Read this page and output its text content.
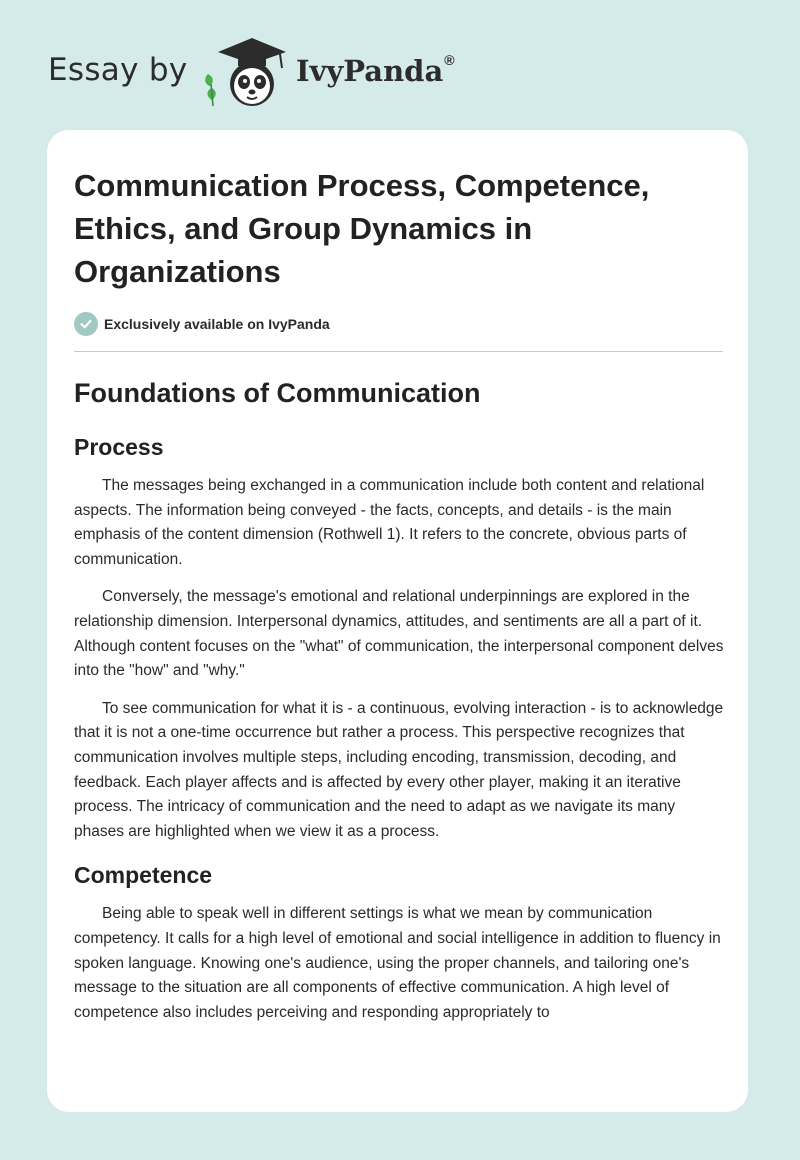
Essay by	IvyPanda®
Communication Process, Competence, Ethics, and Group Dynamics in Organizations
Exclusively available on IvyPanda
Foundations of Communication
Process

The messages being exchanged in a communication include both content and relational aspects. The information being conveyed - the facts, concepts, and details - is the main emphasis of the content dimension (Rothwell 1). It refers to the concrete, obvious parts of communication.

Conversely, the message's emotional and relational underpinnings are explored in the relationship dimension. Interpersonal dynamics, attitudes, and sentiments are all a part of it. Although content focuses on the "what" of communication, the interpersonal component delves into the "how" and "why."

To see communication for what it is - a continuous, evolving interaction - is to acknowledge that it is not a one-time occurrence but rather a process. This perspective recognizes that communication involves multiple steps, including encoding, transmission, decoding, and feedback. Each player affects and is affected by every other player, making it an iterative process. The intricacy of communication and the need to adapt as we navigate its many phases are highlighted when we view it as a process.

Competence

Being able to speak well in different settings is what we mean by communication competency. It calls for a high level of emotional and social intelligence in addition to fluency in spoken language. Knowing one's audience, using the proper channels, and tailoring one's message to the situation are all components of effective communication. A high level of competence also includes perceiving and responding appropriately to
